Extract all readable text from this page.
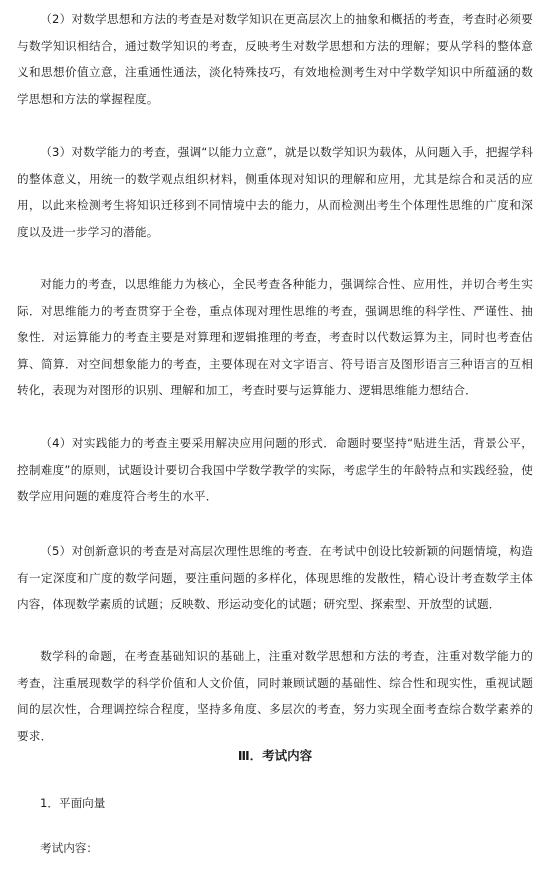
（2）对数学思想和方法的考查是对数学知识在更高层次上的抽象和概括的考查，考查时必须要与数学知识相结合，通过数学知识的考查，反映考生对数学思想和方法的理解；要从学科的整体意义和思想价值立意，注重通性通法，淡化特殊技巧，有效地检测考生对中学数学知识中所蕴涵的数学思想和方法的掌握程度。

（3）对数学能力的考查，强调“以能力立意”，就是以数学知识为载体，从问题入手，把握学科的整体意义，用统一的数学观点组织材料，侧重体现对知识的理解和应用，尤其是综合和灵活的应用，以此来检测考生将知识迁移到不同情境中去的能力，从而检测出考生个体理性思维的广度和深度以及进一步学习的潜能。

对能力的考查，以思维能力为核心，全民考查各种能力，强调综合性、应用性，并切合考生实际．对思维能力的考查贯穿于全卷，重点体现对理性思维的考查，强调思维的科学性、严谨性、抽象性．对运算能力的考查主要是对算理和逻辑推理的考查，考查时以代数运算为主，同时也考查估算、简算．对空间想象能力的考查，主要体现在对文字语言、符号语言及图形语言三种语言的互相转化，表现为对图形的识别、理解和加工，考查时要与运算能力、逻辑思维能力想结合．

（4）对实践能力的考查主要采用解决应用问题的形式．命题时要坚持“贴进生活，背景公平，控制难度”的原则，试题设计要切合我国中学数学教学的实际，考虑学生的年龄特点和实践经验，使数学应用问题的难度符合考生的水平．

（5）对创新意识的考查是对高层次理性思维的考查．在考试中创设比较新颖的问题情境，构造有一定深度和广度的数学问题，要注重问题的多样化，体现思维的发散性，精心设计考查数学主体内容，体现数学素质的试题；反映数、形运动变化的试题；研究型、探索型、开放型的试题．

数学科的命题，在考查基础知识的基础上，注重对数学思想和方法的考查，注重对数学能力的考查，注重展现数学的科学价值和人文价值，同时兼顾试题的基础性、综合性和现实性，重视试题间的层次性，合理调控综合程度，坚持多角度、多层次的考查，努力实现全面考查综合数学素养的要求．

Ⅲ．考试内容

1．平面向量

考试内容：
